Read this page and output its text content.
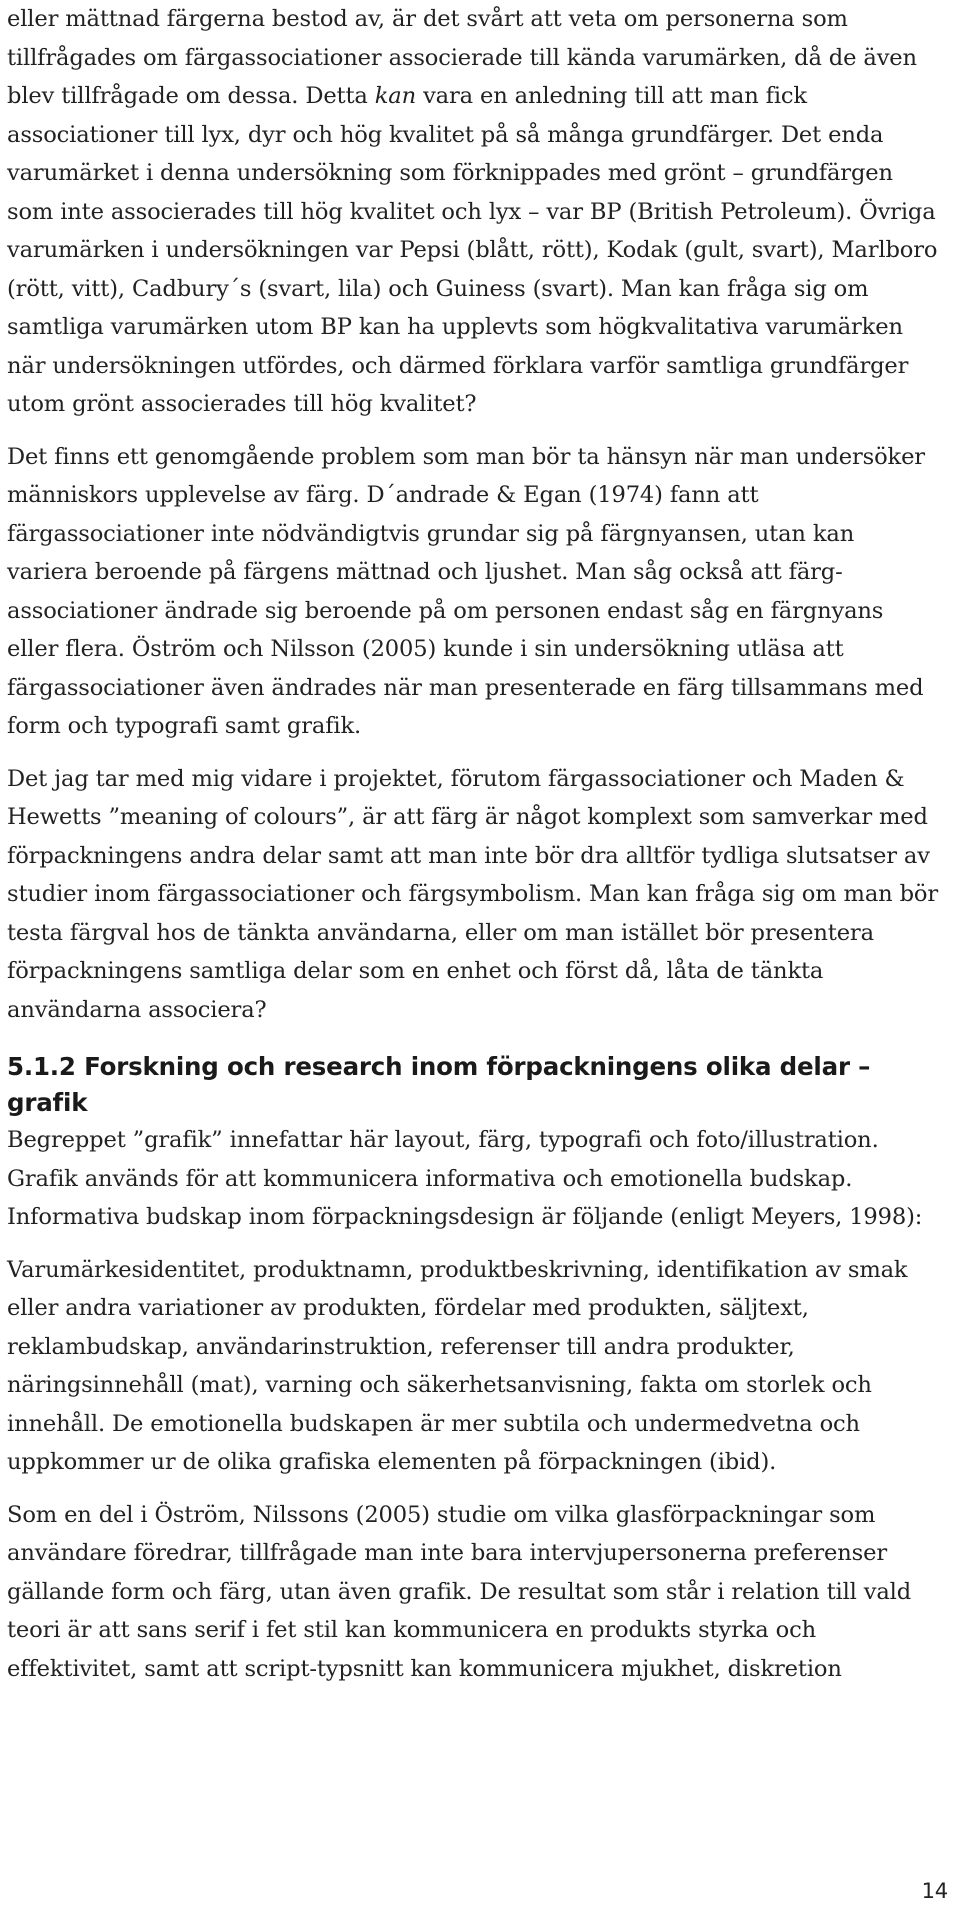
eller mättnad färgerna bestod av, är det svårt att veta om personerna som tillfrågades om färgassociationer associerade till kända varumärken, då de även blev tillfrågade om dessa. Detta kan vara en anledning till att man fick associationer till lyx, dyr och hög kvalitet på så många grundfärger. Det enda varumärket i denna undersökning som förknippades med grönt – grundfärgen som inte associerades till hög kvalitet och lyx – var BP (British Petroleum). Övriga varumärken i undersökningen var Pepsi (blått, rött), Kodak (gult, svart), Marlboro (rött, vitt), Cadbury´s (svart, lila) och Guiness (svart). Man kan fråga sig om samtliga varumärken utom BP kan ha upplevts som högkvalitativa varumärken när undersökningen utfördes, och därmed förklara varför samtliga grundfärger utom grönt associerades till hög kvalitet?

Det finns ett genomgående problem som man bör ta hänsyn när man undersöker människors upplevelse av färg. D´andrade & Egan (1974) fann att färgassociationer inte nödvändigtvis grundar sig på färgnyansen, utan kan variera beroende på färgens mättnad och ljushet. Man såg också att färgassociationer ändrade sig beroende på om personen endast såg en färgnyans eller flera. Öström och Nilsson (2005) kunde i sin undersökning utläsa att färgassociationer även ändrades när man presenterade en färg tillsammans med form och typografi samt grafik.

Det jag tar med mig vidare i projektet, förutom färgassociationer och Maden & Hewetts ”meaning of colours”, är att färg är något komplext som samverkar med förpackningens andra delar samt att man inte bör dra alltför tydliga slutsatser av studier inom färgassociationer och färgsymbolism. Man kan fråga sig om man bör testa färgval hos de tänkta användarna, eller om man istället bör presentera förpackningens samtliga delar som en enhet och först då, låta de tänkta användarna associera?

5.1.2 Forskning och research inom förpackningens olika delar – grafik

Begreppet ”grafik” innefattar här layout, färg, typografi och foto/illustration. Grafik används för att kommunicera informativa och emotionella budskap. Informativa budskap inom förpackningsdesign är följande (enligt Meyers, 1998):

Varumärkesidentitet, produktnamn, produktbeskrivning, identifikation av smak eller andra variationer av produkten, fördelar med produkten, säljtext, reklambudskap, användarinstruktion, referenser till andra produkter, näringsinnehåll (mat), varning och säkerhetsanvisning, fakta om storlek och innehåll. De emotionella budskapen är mer subtila och undermedvetna och uppkommer ur de olika grafiska elementen på förpackningen (ibid).

Som en del i Öström, Nilssons (2005) studie om vilka glasförpackningar som användare föredrar, tillfrågade man inte bara intervjupersonerna preferenser gällande form och färg, utan även grafik. De resultat som står i relation till vald teori är att sans serif i fet stil kan kommunicera en produkts styrka och effektivitet, samt att script-typsnitt kan kommunicera mjukhet, diskretion

14
